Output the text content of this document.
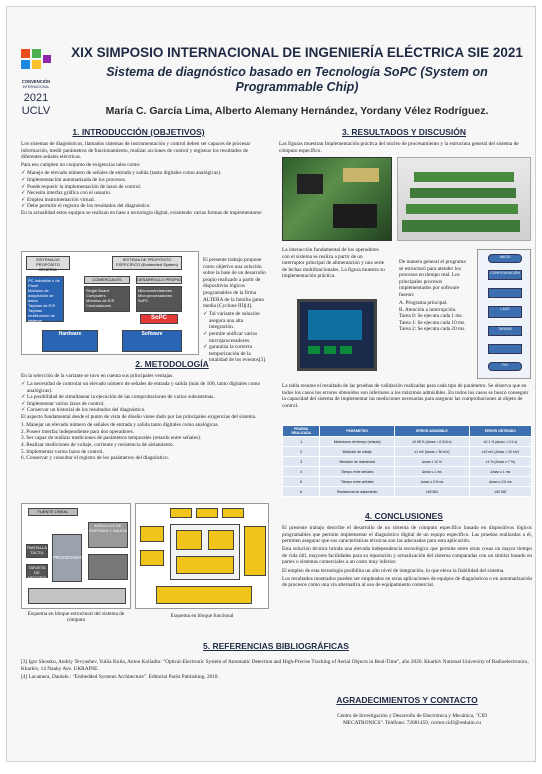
CONVENCIÓN
INTERNACIONAL
2021
UCLV
XIX SIMPOSIO INTERNACIONAL DE INGENIERÍA ELÉCTRICA SIE 2021
Sistema de diagnóstico basado en Tecnología SoPC (System on Programmable Chip)
María C. García Lima, Alberto Alemany Hernández, Yordany Vélez Rodríguez.
1. INTRODUCCIÓN (OBJETIVOS)

Los sistemas de diagnósticos, llamados sistemas de instrumentación y control deben ser capaces de procesar información, medir parámetros de funcionamiento, realizar acciones de control y registrar los resultados de diferentes señales eléctricas.

Para eso cumplen un conjunto de exigencias tales como:

✓ Manejo de elevado número de señales de entrada y salida (tanto digitales como analógicas).
✓ Implementación automatizada de los procesos.
✓ Puede requerir la implementación de lazos de control.
✓ Necesita interfaz gráfica con el usuario.
✓ Emplea instrumentación virtual.
✓ Debe permitir el registro de los resultados del diagnóstico.

En la actualidad estos equipos se realizan en base a tecnología digital, existiendo varias formas de implementarse:

SISTEMA DE PROPÓSITO GENERAL
SISTEMA DE PROPÓSITO ESPECÍFICO (Embedded System)
PC Industrial o de Panel
Módulos de adquisición de datos
Tarjetas de E/S
Tarjetas multifunción de sistema
COMERCIALES	DESARROLLO PROPIO
Single Board Computers
Módulos de E/S
Controladores
Microcontroladores
Microprocesadores
SoPC
SoPC
Hardware	Software

El presente trabajo propone como objetivo una solución sobre la base de un desarrollo propio realizado a partir de dispositivos lógicos programables de la firma ALTERA de la familia gama media (Cyclone III)[4].

✓ Tal variante de solución asegura una alta integración.
✓ permite unificar varios microprocesadores.
✓ garantiza la correcta temporización de la totalidad de los eventos[3].
2. METODOLOGÍA

En la selección de la variante se tuvo en cuenta sus principales ventajas.

✓ La necesidad de controlar un elevado número de señales de entrada y salida (más de 100, tanto digitales como analógicas).
✓ La posibilidad de simultanear la ejecución de las comprobaciones de varios subsistemas.
✓ Implementar varios lazos de control.
✓ Conservar un historial de los resultados del diagnóstico.

El aspecto fundamental desde el punto de vista de diseño viene dado por las principales exigencias del sistema.

1. Manejar un elevado número de señales de entrada y salida tanto digitales como analógicas.
2. Poseer interfaz independiente para dos operadores.
3. Ser capaz de realizar mediciones de parámetros temporales (retardo entre señales).
4. Realizar mediciones de voltaje, corriente y resistencia de aislamiento.
5. Implementar varios lazos de control.
6. Conservar y consultar el registro de los parámetros del diagnóstico.
FUENTE LINEAL
MÓDULOS DE ENTRADA Y SALIDA
PROCESADOR
PANTALLA TÁCTIL
TARJETA DE MEMORIA
Esquema en bloque estructural del sistema de cómputo
Esquema en bloque funcional
3. RESULTADOS Y DISCUSIÓN
Las figuras muestran Implementación práctica del núcleo de procesamiento y la estructura general del sistema de cómputo específico.
La interacción fundamental de los operadores con el sistema se realiza a partir de un interruptor principal de alimentación y una serie de lechas multifuncionales. La figura muestra su implementación práctica.

De manera general el programa se estructuró para atender los procesos en tiempo real. Los principales procesos implementados por software fueron:

A. Programa principal.
B. Atención a interrupción.
Tarea 0: Se ejecuta cada 1 ms.
Tarea 1: Se ejecuta cada 10 ms.
Tarea 2: Se ejecuta cada 20 ms.
INICIO
CONFIGURACIÓN
LAZO
TAREAS
FIN
La tabla resume el resultado de las pruebas de validación realizadas para cada tipo de parámetro. Se observa que en todos los casos los errores obtenidos son inferiores a los máximos admisibles. En todos los casos se buscó conseguir la capacidad del sistema de implementar las mediciones necesarias para asegurar las comprobaciones al objeto de control.
PRUEBA REALIZADA	PARÁMETRO	ERROR ADMISIBLE	ERROR OBTENIDO
1	Mediciones de tiempo (retardo)	±0.08 % (Δmax = 0.016 s)	±0.1 % (Δmax = 0.1 s)
2	Medición de voltaje	±1 mV (Δmax = 50 mV)	±10 mV (Δmax = 20 mV)
3	Medición de resistencia	Δmax ± 10 %	±1 % (Δmax ± 7 %)
4	Tiempo entre señales	Δmax ≤ 1 ms	Δmax ≤ 1 ms
5	Tiempo entre señales	Δmax ≤ 0.5 ms	Δmax ≤ 0.5 ms
6	Resistencia de aislamiento	±50 MΩ	±50 MΩ
4. CONCLUSIONES

El presente trabajo describe el desarrollo de un sistema de cómputo específico basado en dispositivos lógicos programables que permite implementar el diagnóstico digital de un equipo específico. Las pruebas realizadas a él, permiten asegurar que sus características técnicas son las adecuadas para esta aplicación.

Esta solución técnica brinda una elevada independencia tecnológica que permite entre otras cosas un mayor tiempo de vida útil, mayores facilidades para su reparación y actualización del sistema comparadas con un similar basado en partes o sistemas comerciales a un costo muy inferior.

El empleo de esta tecnología posibilita un alto nivel de integración, lo que eleva la fiabilidad del sistema.

Los resultados mostrados pueden ser empleados en otras aplicaciones de equipos de diagnósticos o en automatización de procesos como una vía alternativa al uso de equipamiento comercial.

5. REFERENCIAS BIBLIOGRÁFICAS

[3] Igor Shostko, Andriy Tevyashev, Yuliia Kulia, Anton Koliadin: "Optical-Electronic System of Automatic Detection and High-Precise Tracking of Aerial Objects in Real-Time", año 2020. Kharkiv National University of Radioelectronics, Kharkiv, 14 Nauky Ave. UKRAINE.

[4] Lacamera, Daniele.: "Embedded Systems Architecture". Editorial Packt Publishing. 2018.

AGRADECIMIENTOS Y CONTACTO
Centro de Investigación y Desarrollo de Electrónica y Mecánica, "CID MECATRONICS". Teléfono: 72081459, correo:cid3@reduim.cu
